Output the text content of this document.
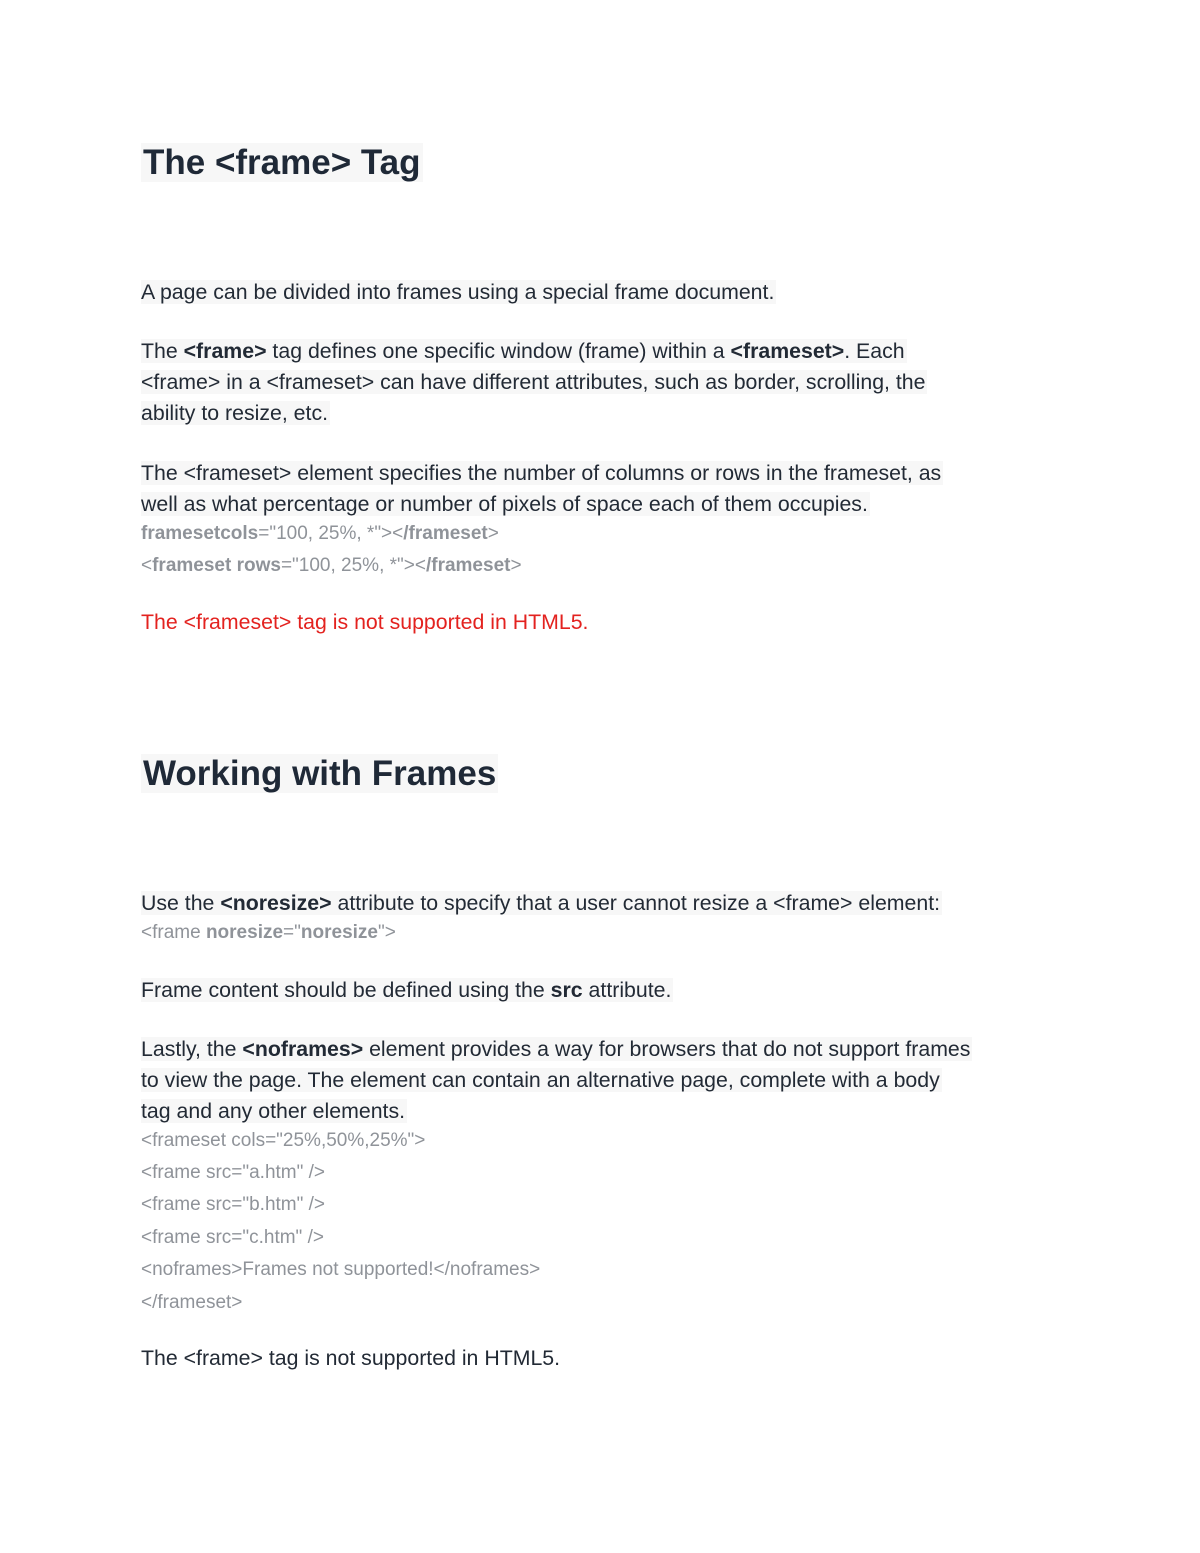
The <frame> Tag
A page can be divided into frames using a special frame document.
The <frame> tag defines one specific window (frame) within a <frameset>. Each
<frame> in a <frameset> can have different attributes, such as border, scrolling, the
ability to resize, etc.
The <frameset> element specifies the number of columns or rows in the frameset, as
well as what percentage or number of pixels of space each of them occupies.
framesetcols="100, 25%, *"></frameset>
<frameset rows="100, 25%, *"></frameset>
The <frameset> tag is not supported in HTML5.
Working with Frames
Use the <noresize> attribute to specify that a user cannot resize a <frame> element:
<frame noresize="noresize">
Frame content should be defined using the src attribute.
Lastly, the <noframes> element provides a way for browsers that do not support frames
to view the page. The element can contain an alternative page, complete with a body
tag and any other elements.
<frameset cols="25%,50%,25%">
<frame src="a.htm" />
<frame src="b.htm" />
<frame src="c.htm" />
<noframes>Frames not supported!</noframes>
</frameset>
The <frame> tag is not supported in HTML5.
